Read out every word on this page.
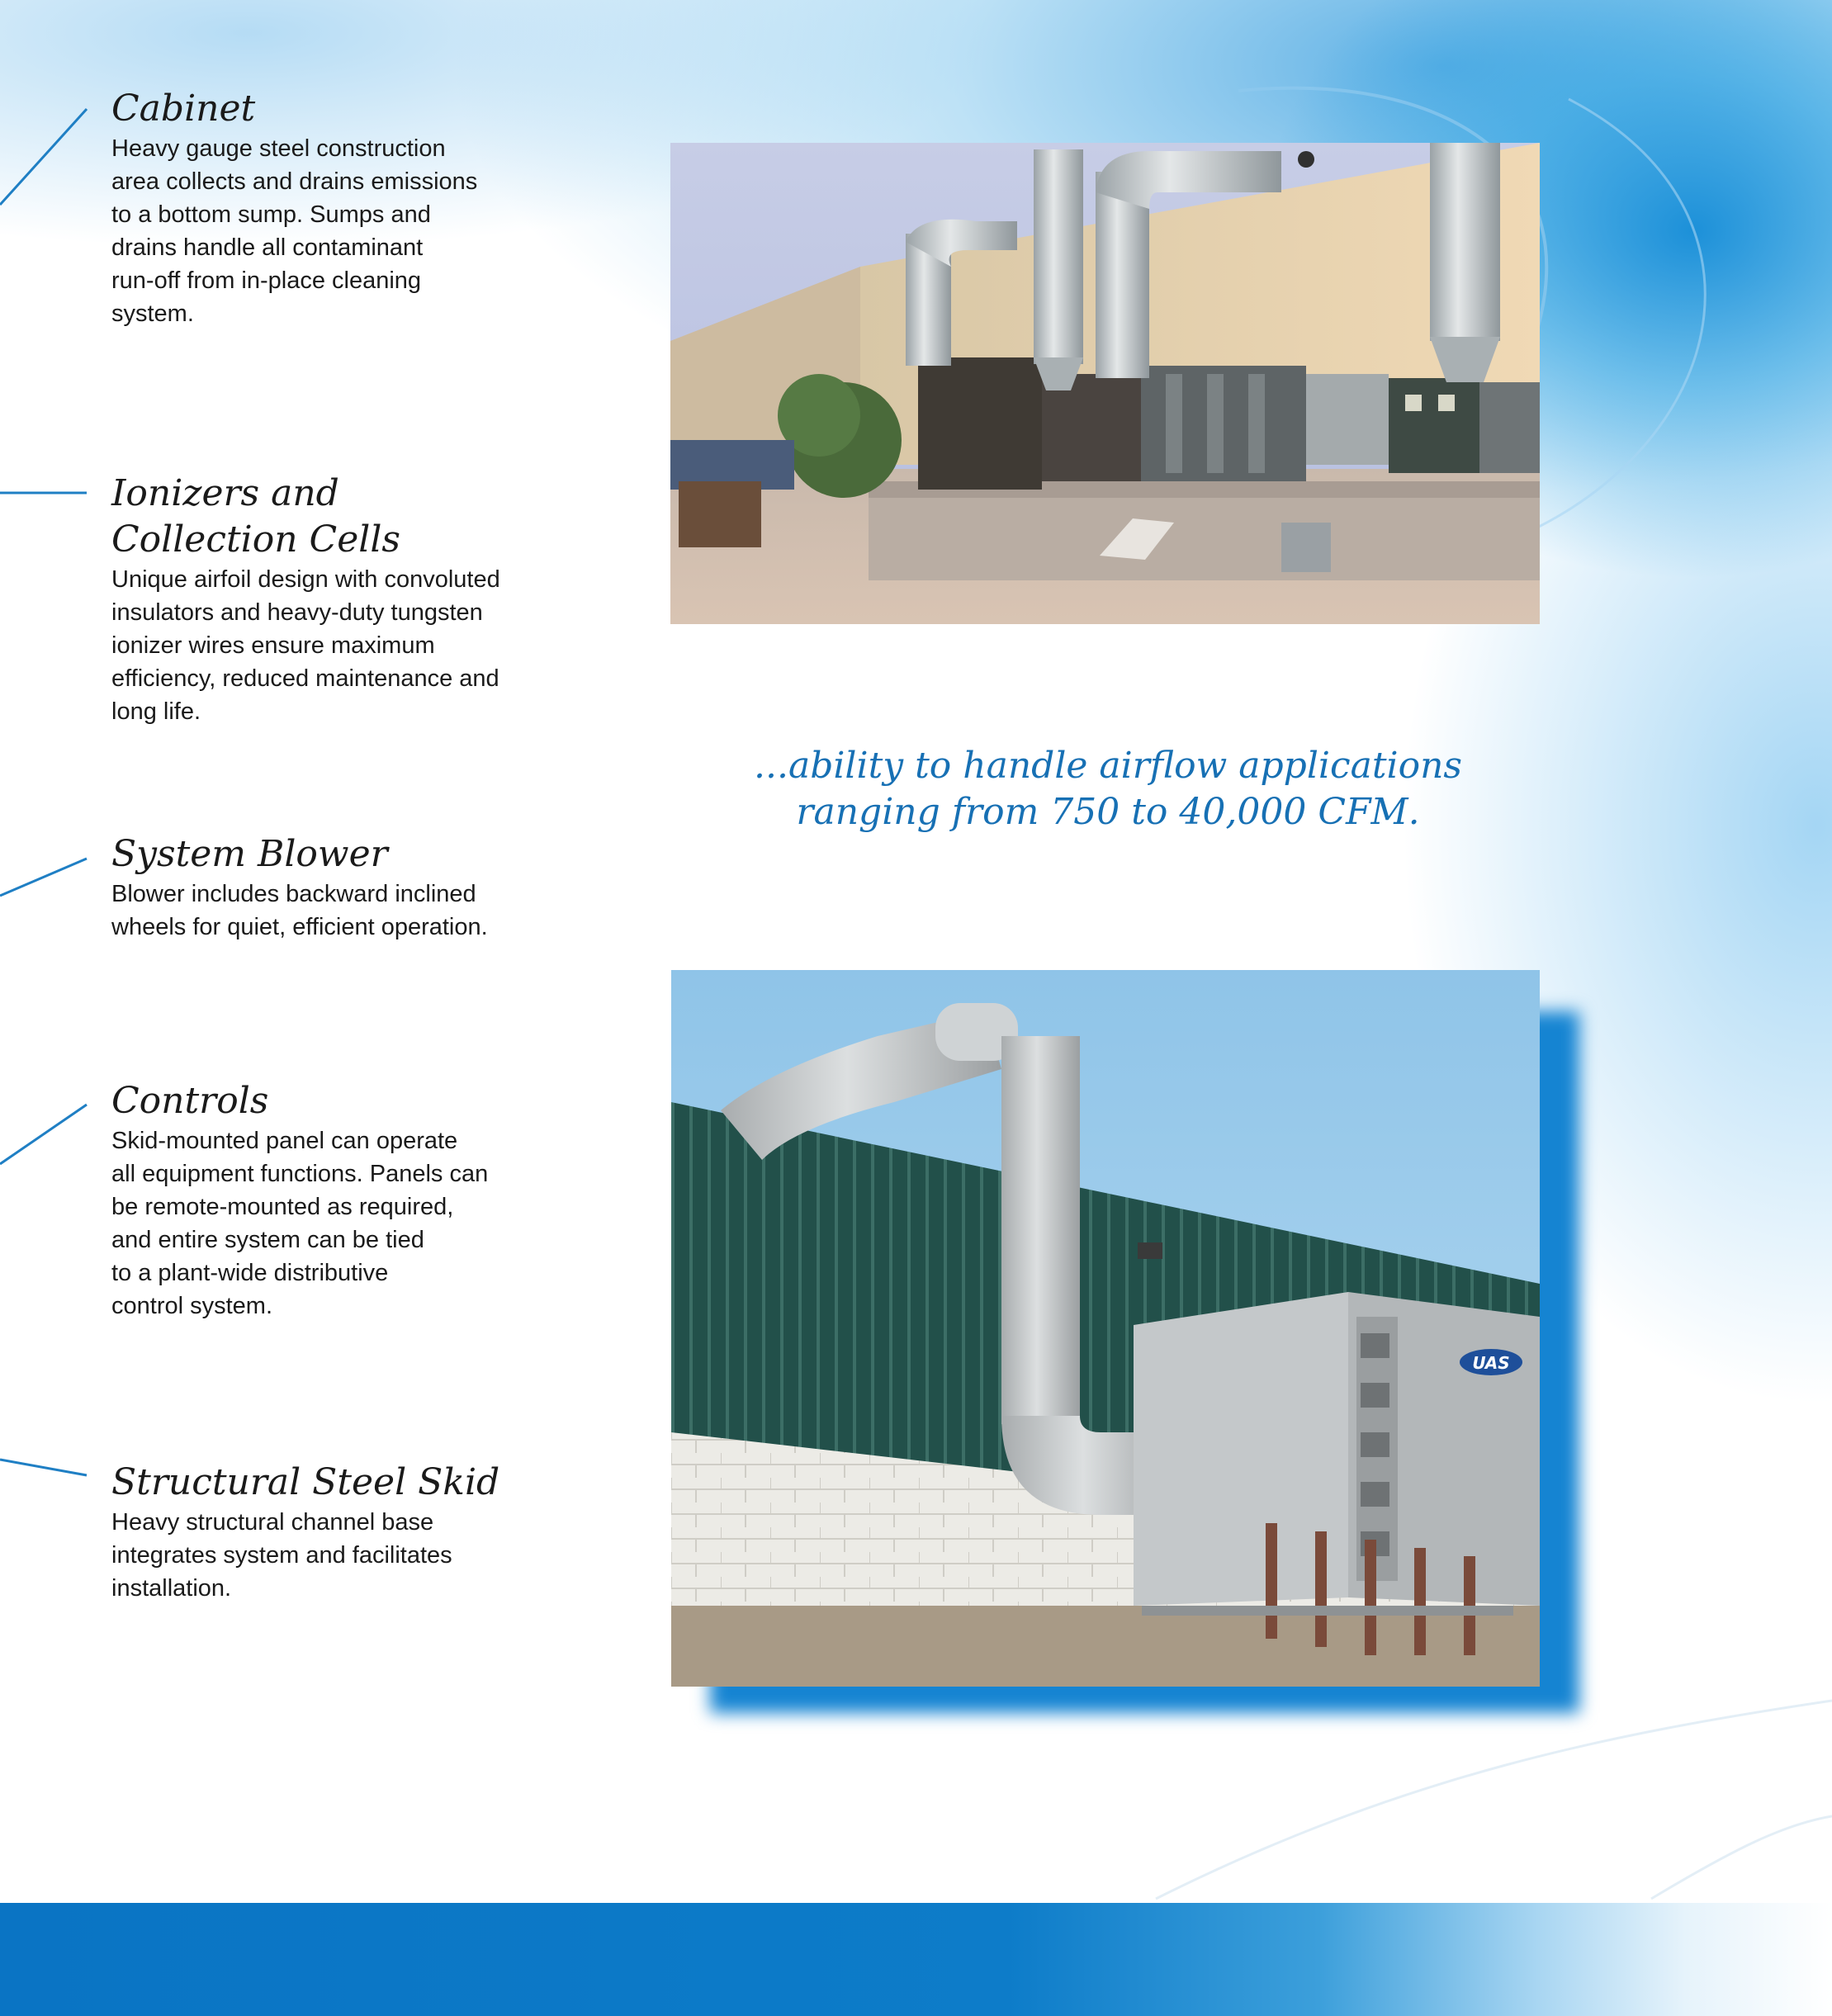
Cabinet

Heavy gauge steel construction
area collects and drains emissions
to a bottom sump. Sumps and
drains handle all contaminant
run-off from in-place cleaning
system.

Ionizers and
Collection Cells

Unique airfoil design with convoluted
insulators and heavy-duty tungsten
ionizer wires ensure maximum
efficiency, reduced maintenance and
long life.

System Blower

Blower includes backward inclined
wheels for quiet, efficient operation.

Controls

Skid-mounted panel can operate
all equipment functions. Panels can
be remote-mounted as required,
and entire system can be tied
to a plant-wide distributive
control system.

Structural Steel Skid

Heavy structural channel base
integrates system and facilitates
installation.

...ability to handle airflow applications
ranging from 750 to 40,000 CFM.
UAS
